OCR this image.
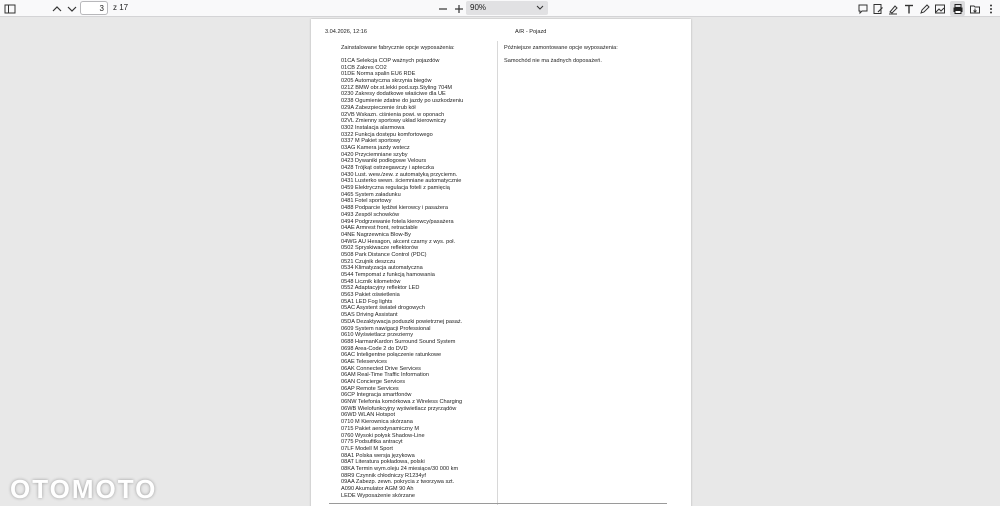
3
z 17	90%
3.04.2026, 12:16	A/R - Pojazd
Zainstalowane fabrycznie opcje wyposażenia:
01CA Selekcja COP ważnych pojazdów
01CB Zakres CO2
01DE Norma spalin EU6 RDE
0205 Automatyczna skrzynia biegów
021Z BMW obr.st.lekki pod.szp.Styling 704M
0230 Zakresy dodatkowe właściwe dla UE
0238 Ogumienie zdatne do jazdy po uszkodzeniu
029A Zabezpieczenie śrub kół
02VB Wskazn. ciśnienia powi. w oponach
02VL Zmienny sportowy układ kierowniczy
0302 Instalacja alarmowa
0322 Funkcja dostępu komfortowego
0337 M Pakiet sportowy
03AG Kamera jazdy wstecz
0420 Przyciemniane szyby
0423 Dywaniki podłogowe Velours
0428 Trójkąt ostrzegawczy i apteczka
0430 Lust. wew./zew. z automatyką przyciemn.
0431 Lusterko wewn. ściemniane automatycznie
0459 Elektryczna regulacja foteli z pamięcią
0465 System załadunku
0481 Fotel sportowy
0488 Podparcie lędźwi kierowcy i pasażera
0493 Zespół schowków
0494 Podgrzewanie fotela kierowcy/pasażera
04AE Armrest front, retractable
04NE Nagrzewnica Blow-By
04WG AU Hexagon, akcent czarny z wys. poł.
0502 Spryskiwacze reflektorów
0508 Park Distance Control (PDC)
0521 Czujnik deszczu
0534 Klimatyzacja automatyczna
0544 Tempomat z funkcją hamowania
0548 Licznik kilometrów
0552 Adaptacyjny reflektor LED
0563 Pakiet oświetlenia
05A1 LED Fog lights
05AC Asystent świateł drogowych
05AS Driving Assistant
05DA Dezaktywacja poduszki powietrznej pasaż.
0609 System nawigacji Professional
0610 Wyświetlacz przezierny
0688 HarmanKardon Surround Sound System
0698 Area-Code 2 do DVD
06AC Inteligentne połączenie ratunkowe
06AE Teleservices
06AK Connected Drive Services
06AM Real-Time Traffic Information
06AN Concierge Services
06AP Remote Services
06CP Integracja smartfonów
06NW Telefonia komórkowa z Wireless Charging
06WB Wielofunkcyjny wyświetlacz przyrządów
06WD WLAN Hotspot
0710 M Kierownica skórzana
0715 Pakiet aerodynamiczny M
0760 Wysoki połysk Shadow-Line
0775 Podsufitka antracyt
07LF Modell M Sport
08A1 Polska wersja językowa
08AT Literatura pokładowa, polski
08KA Termin wym.oleju 24 miesiące/30 000 km
08R9 Czynnik chłodniczy R1234yf
09AA Zabezp. zewn. pokrycia z tworzywa szt.
A090 Akumulator AGM 90 Ah
LEDE Wyposażenie skórzane
Późniejsze zamontowane opcje wyposażenia:
Samochód nie ma żadnych doposażeń.
OTOMOTO
